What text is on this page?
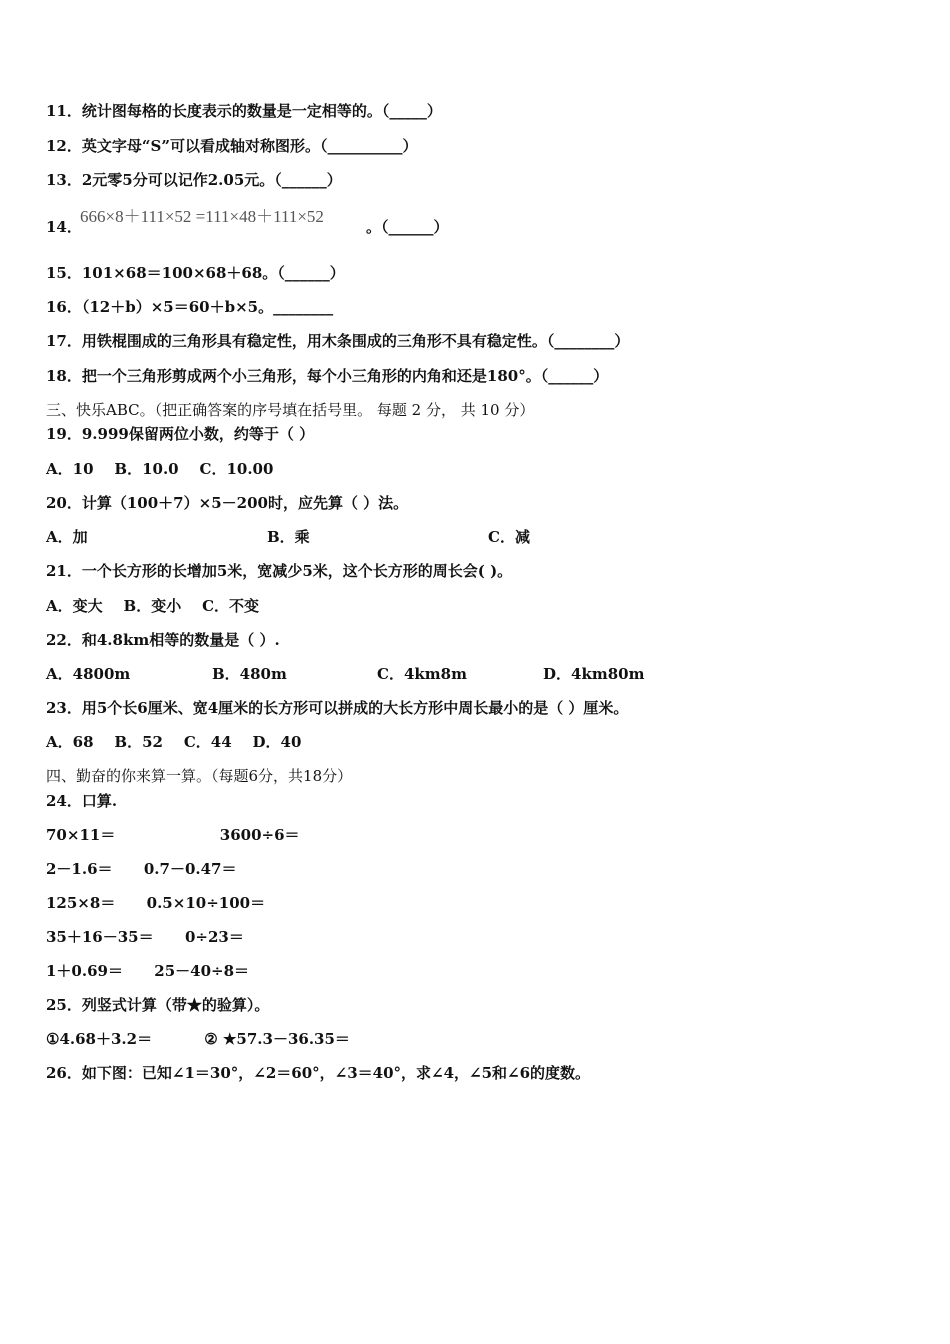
11．统计图每格的长度表示的数量是一定相等的。（_____）
12．英文字母“S”可以看成轴对称图形。（__________）
13．2元零5分可以记作2.05元。（______）
14．
666×8＋111×52 =111×48＋111×52
。（______）
15．101×68＝100×68＋68。（______）
16．（12＋b）×5＝60＋b×5。________
17．用铁棍围成的三角形具有稳定性，用木条围成的三角形不具有稳定性。（________）
18．把一个三角形剪成两个小三角形，每个小三角形的内角和还是180°。（______）
三、快乐ABC。（把正确答案的序号填在括号里。 每题 2 分， 共 10 分）
19．9.999保留两位小数，约等于（ ）
A．10    B．10.0    C．10.00
20．计算（100＋7）×5－200时，应先算（ ）法。
A．加	B．乘	C．减
21．一个长方形的长增加5米，宽减少5米，这个长方形的周长会( )。
A．变大    B．变小    C．不变
22．和4.8km相等的数量是（ ）.
A．4800m	B．480m	C．4km8m	D．4km80m
23．用5个长6厘米、宽4厘米的长方形可以拼成的大长方形中周长最小的是（ ）厘米。
A．68    B．52    C．44    D．40
四、勤奋的你来算一算。（每题6分，共18分）
24．口算.
70×11＝                    3600÷6＝
2－1.6＝      0.7－0.47＝
125×8＝      0.5×10÷100＝
35＋16－35＝      0÷23＝
1＋0.69＝      25－40÷8＝
25．列竖式计算（带★的验算）。
①4.68＋3.2＝          ② ★57.3－36.35＝
26．如下图：已知∠1＝30°，∠2＝60°，∠3＝40°，求∠4，∠5和∠6的度数。
